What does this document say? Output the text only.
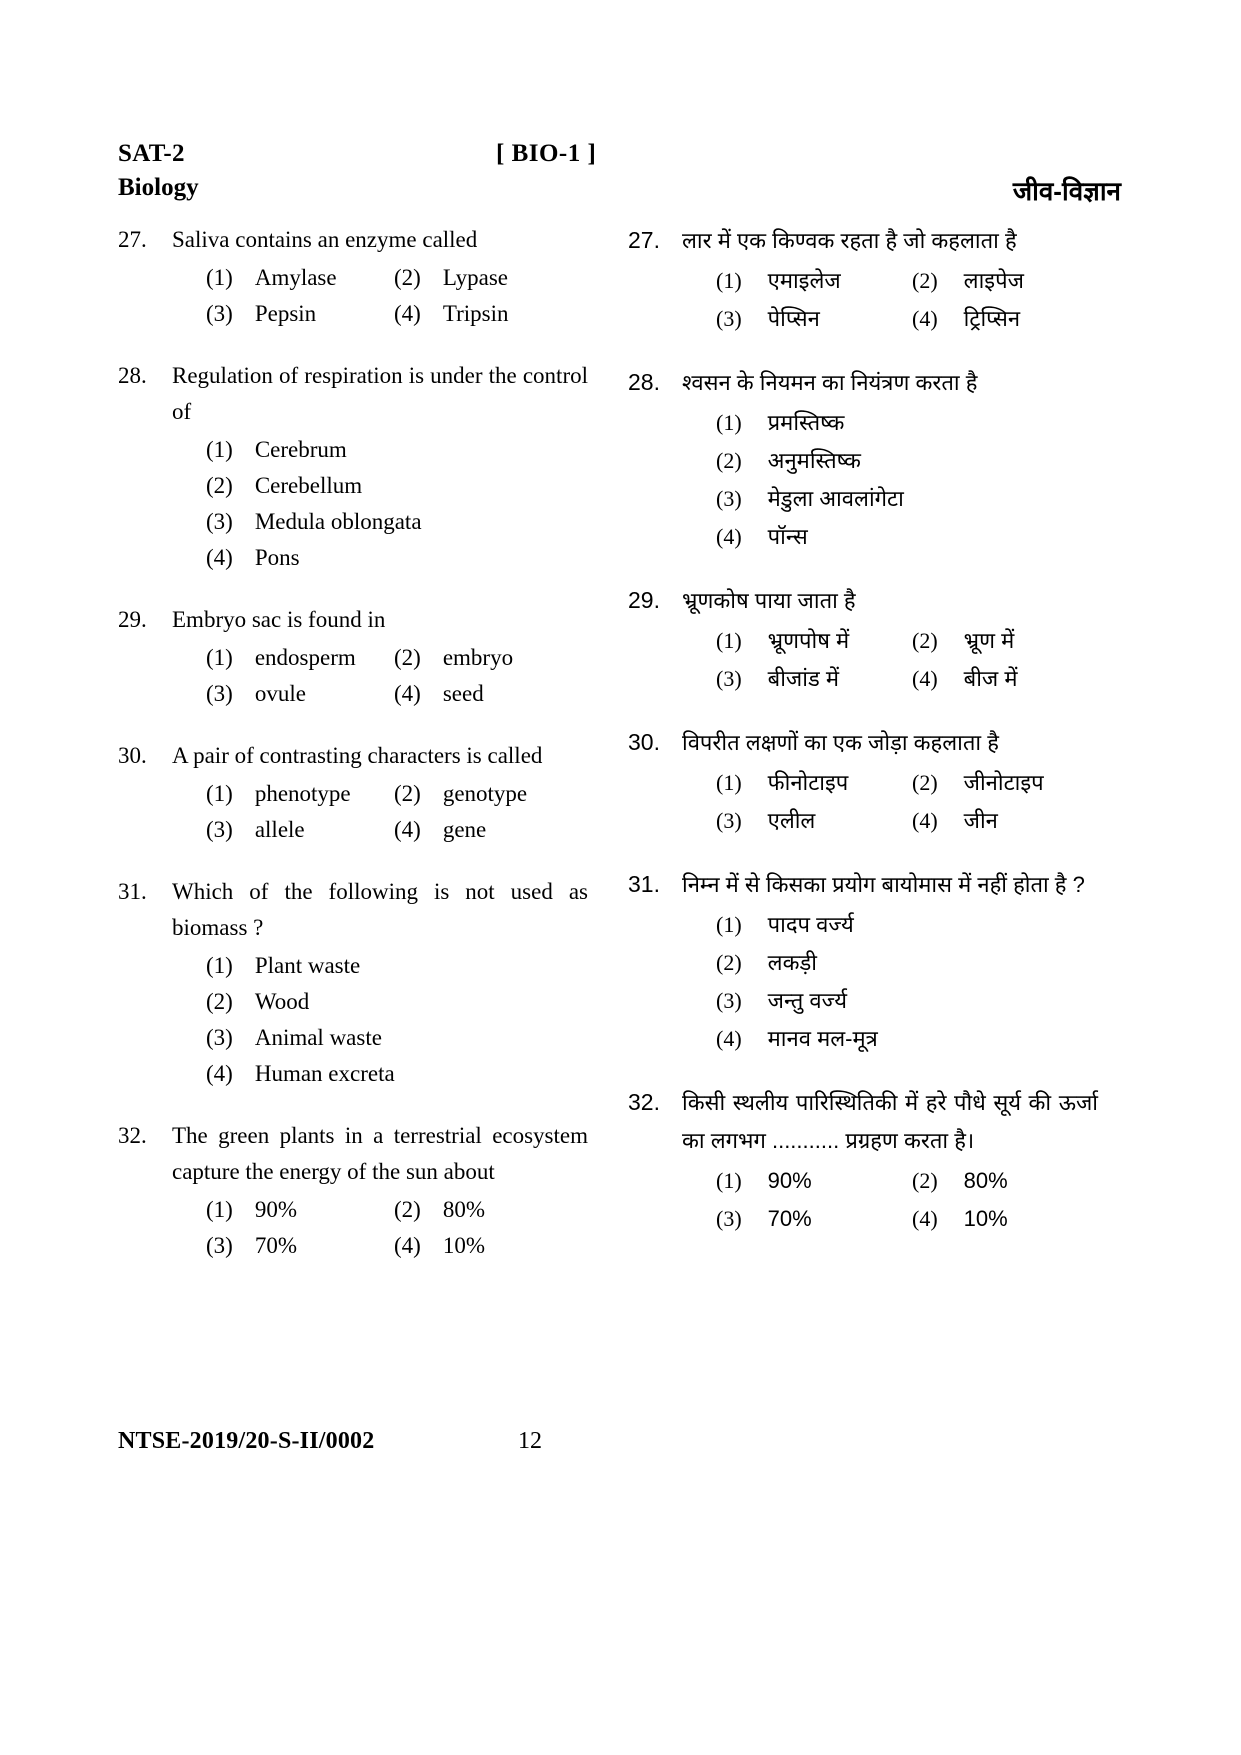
SAT-2	[ BIO-1 ]
Biology	जीव-विज्ञान
27.	Saliva contains an enzyme called
(1) Amylase (2) Lypase
(3) Pepsin	(4) Tripsin
28.	Regulation of respiration is under the control of
(1) Cerebrum
(2) Cerebellum
(3) Medula oblongata
(4) Pons
29.	Embryo sac is found in
(1) endosperm (2) embryo
(3) ovule	(4) seed
30.	A pair of contrasting characters is called
(1) phenotype (2) genotype
(3) allele	(4) gene
31.	Which of the following is not used as biomass ?
(1) Plant waste
(2) Wood
(3) Animal waste
(4) Human excreta
32.	The green plants in a terrestrial ecosystem capture the energy of the sun about
(1) 90%	(2) 80%
(3) 70%	(4) 10%
27.	लार में एक किण्वक रहता है जो कहलाता है
(1)	एमाइलेज	(2)	लाइपेज
(3)	पेप्सिन	(4)	ट्रिप्सिन
28.	श्वसन के नियमन का नियंत्रण करता है
(1)	प्रमस्तिष्क
(2)	अनुमस्तिष्क
(3)	मेडुला आवलांगेटा
(4)	पॉन्स
29.	भ्रूणकोष पाया जाता है
(1)	भ्रूणपोष में	(2)	भ्रूण में
(3)	बीजांड में	(4)	बीज में
30.	विपरीत लक्षणों का एक जोड़ा कहलाता है
(1)	फीनोटाइप	(2)	जीनोटाइप
(3)	एलील	(4)	जीन
31.	निम्न में से किसका प्रयोग बायोमास में नहीं होता है ?
(1)	पादप वर्ज्य
(2)	लकड़ी
(3)	जन्तु वर्ज्य
(4)	मानव मल-मूत्र
32.	किसी स्थलीय पारिस्थितिकी में हरे पौधे सूर्य की ऊर्जा का लगभग ........... प्रग्रहण करता है।
(1)	90%	(2)	80%
(3)	70%	(4)	10%
NTSE-2019/20-S-II/0002	12
